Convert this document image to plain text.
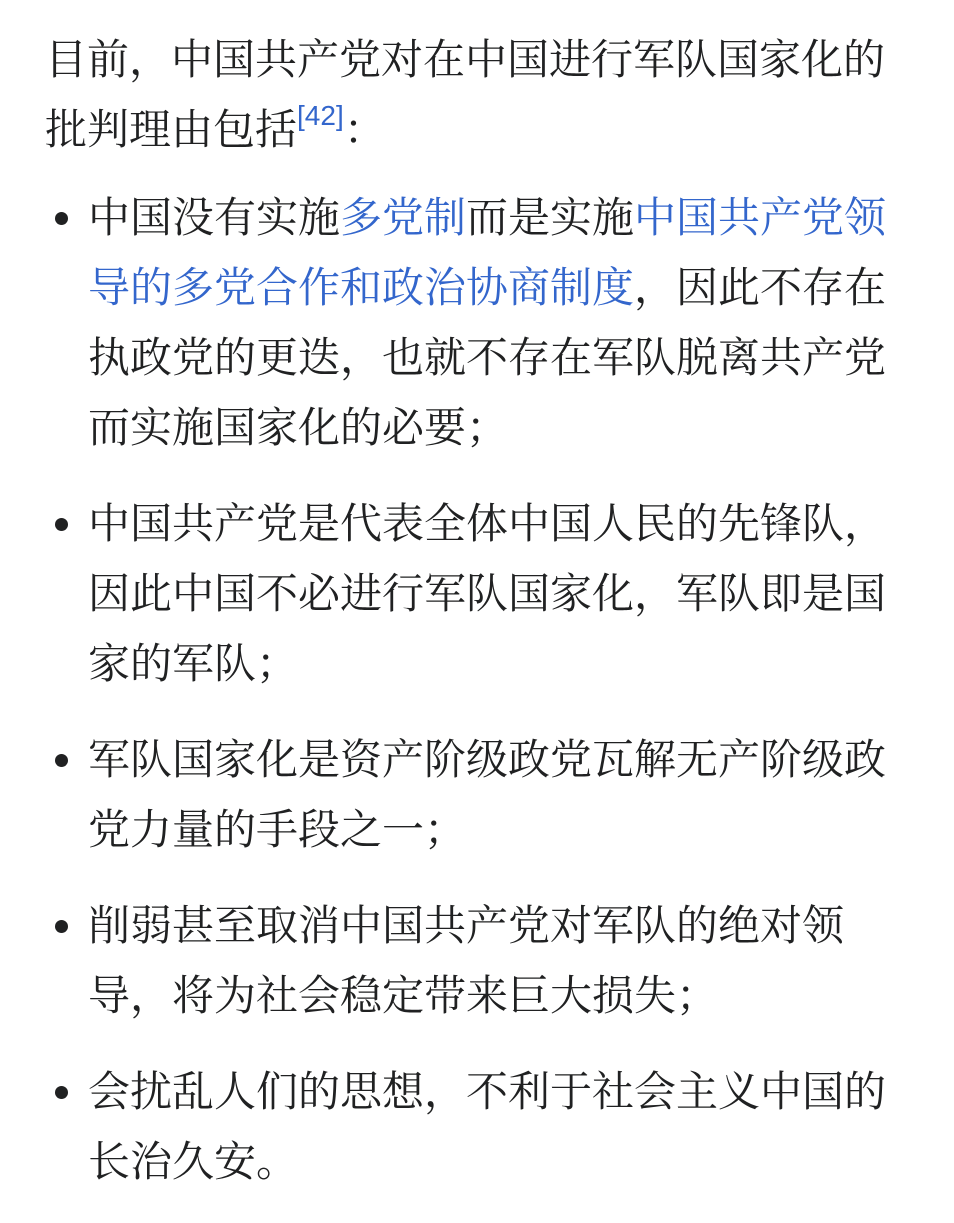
目前，中国共产党对在中国进行军队国家化的批判理由包括[42]：

中国没有实施多党制而是实施中国共产党领导的多党合作和政治协商制度，因此不存在执政党的更迭，也就不存在军队脱离共产党而实施国家化的必要；
中国共产党是代表全体中国人民的先锋队，因此中国不必进行军队国家化，军队即是国家的军队；
军队国家化是资产阶级政党瓦解无产阶级政党力量的手段之一；
削弱甚至取消中国共产党对军队的绝对领导，将为社会稳定带来巨大损失；
会扰乱人们的思想，不利于社会主义中国的长治久安。
